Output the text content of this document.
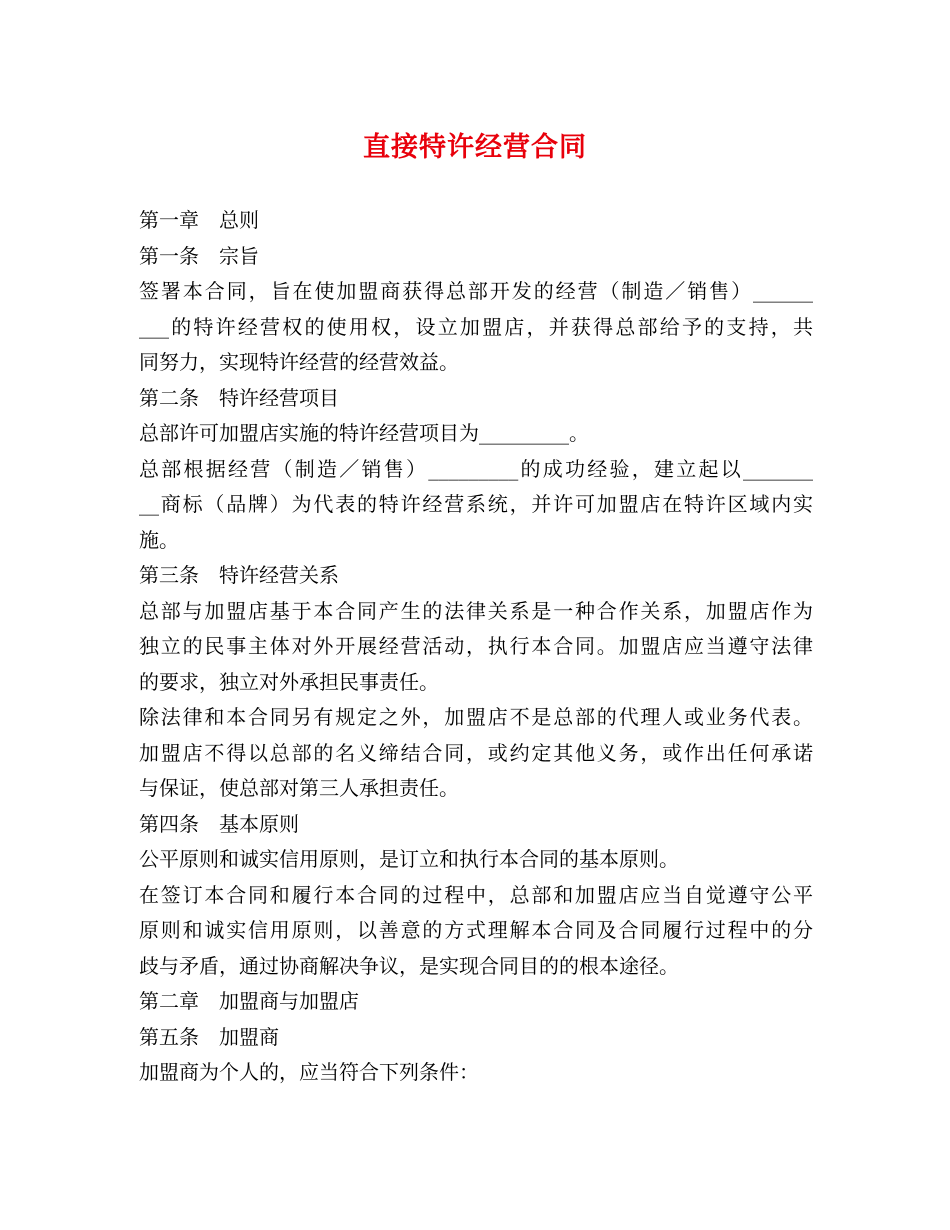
直接特许经营合同
第一章　总则
第一条　宗旨
签署本合同，旨在使加盟商获得总部开发的经营（制造／销售）______
___的特许经营权的使用权，设立加盟店，并获得总部给予的支持，共
同努力，实现特许经营的经营效益。
第二条　特许经营项目
总部许可加盟店实施的特许经营项目为_________。
总部根据经营（制造／销售）_________的成功经验，建立起以_______
__商标（品牌）为代表的特许经营系统，并许可加盟店在特许区域内实
施。
第三条　特许经营关系
总部与加盟店基于本合同产生的法律关系是一种合作关系，加盟店作为
独立的民事主体对外开展经营活动，执行本合同。加盟店应当遵守法律
的要求，独立对外承担民事责任。
除法律和本合同另有规定之外，加盟店不是总部的代理人或业务代表。
加盟店不得以总部的名义缔结合同，或约定其他义务，或作出任何承诺
与保证，使总部对第三人承担责任。
第四条　基本原则
公平原则和诚实信用原则，是订立和执行本合同的基本原则。
在签订本合同和履行本合同的过程中，总部和加盟店应当自觉遵守公平
原则和诚实信用原则，以善意的方式理解本合同及合同履行过程中的分
歧与矛盾，通过协商解决争议，是实现合同目的的根本途径。
第二章　加盟商与加盟店
第五条　加盟商
加盟商为个人的，应当符合下列条件：
